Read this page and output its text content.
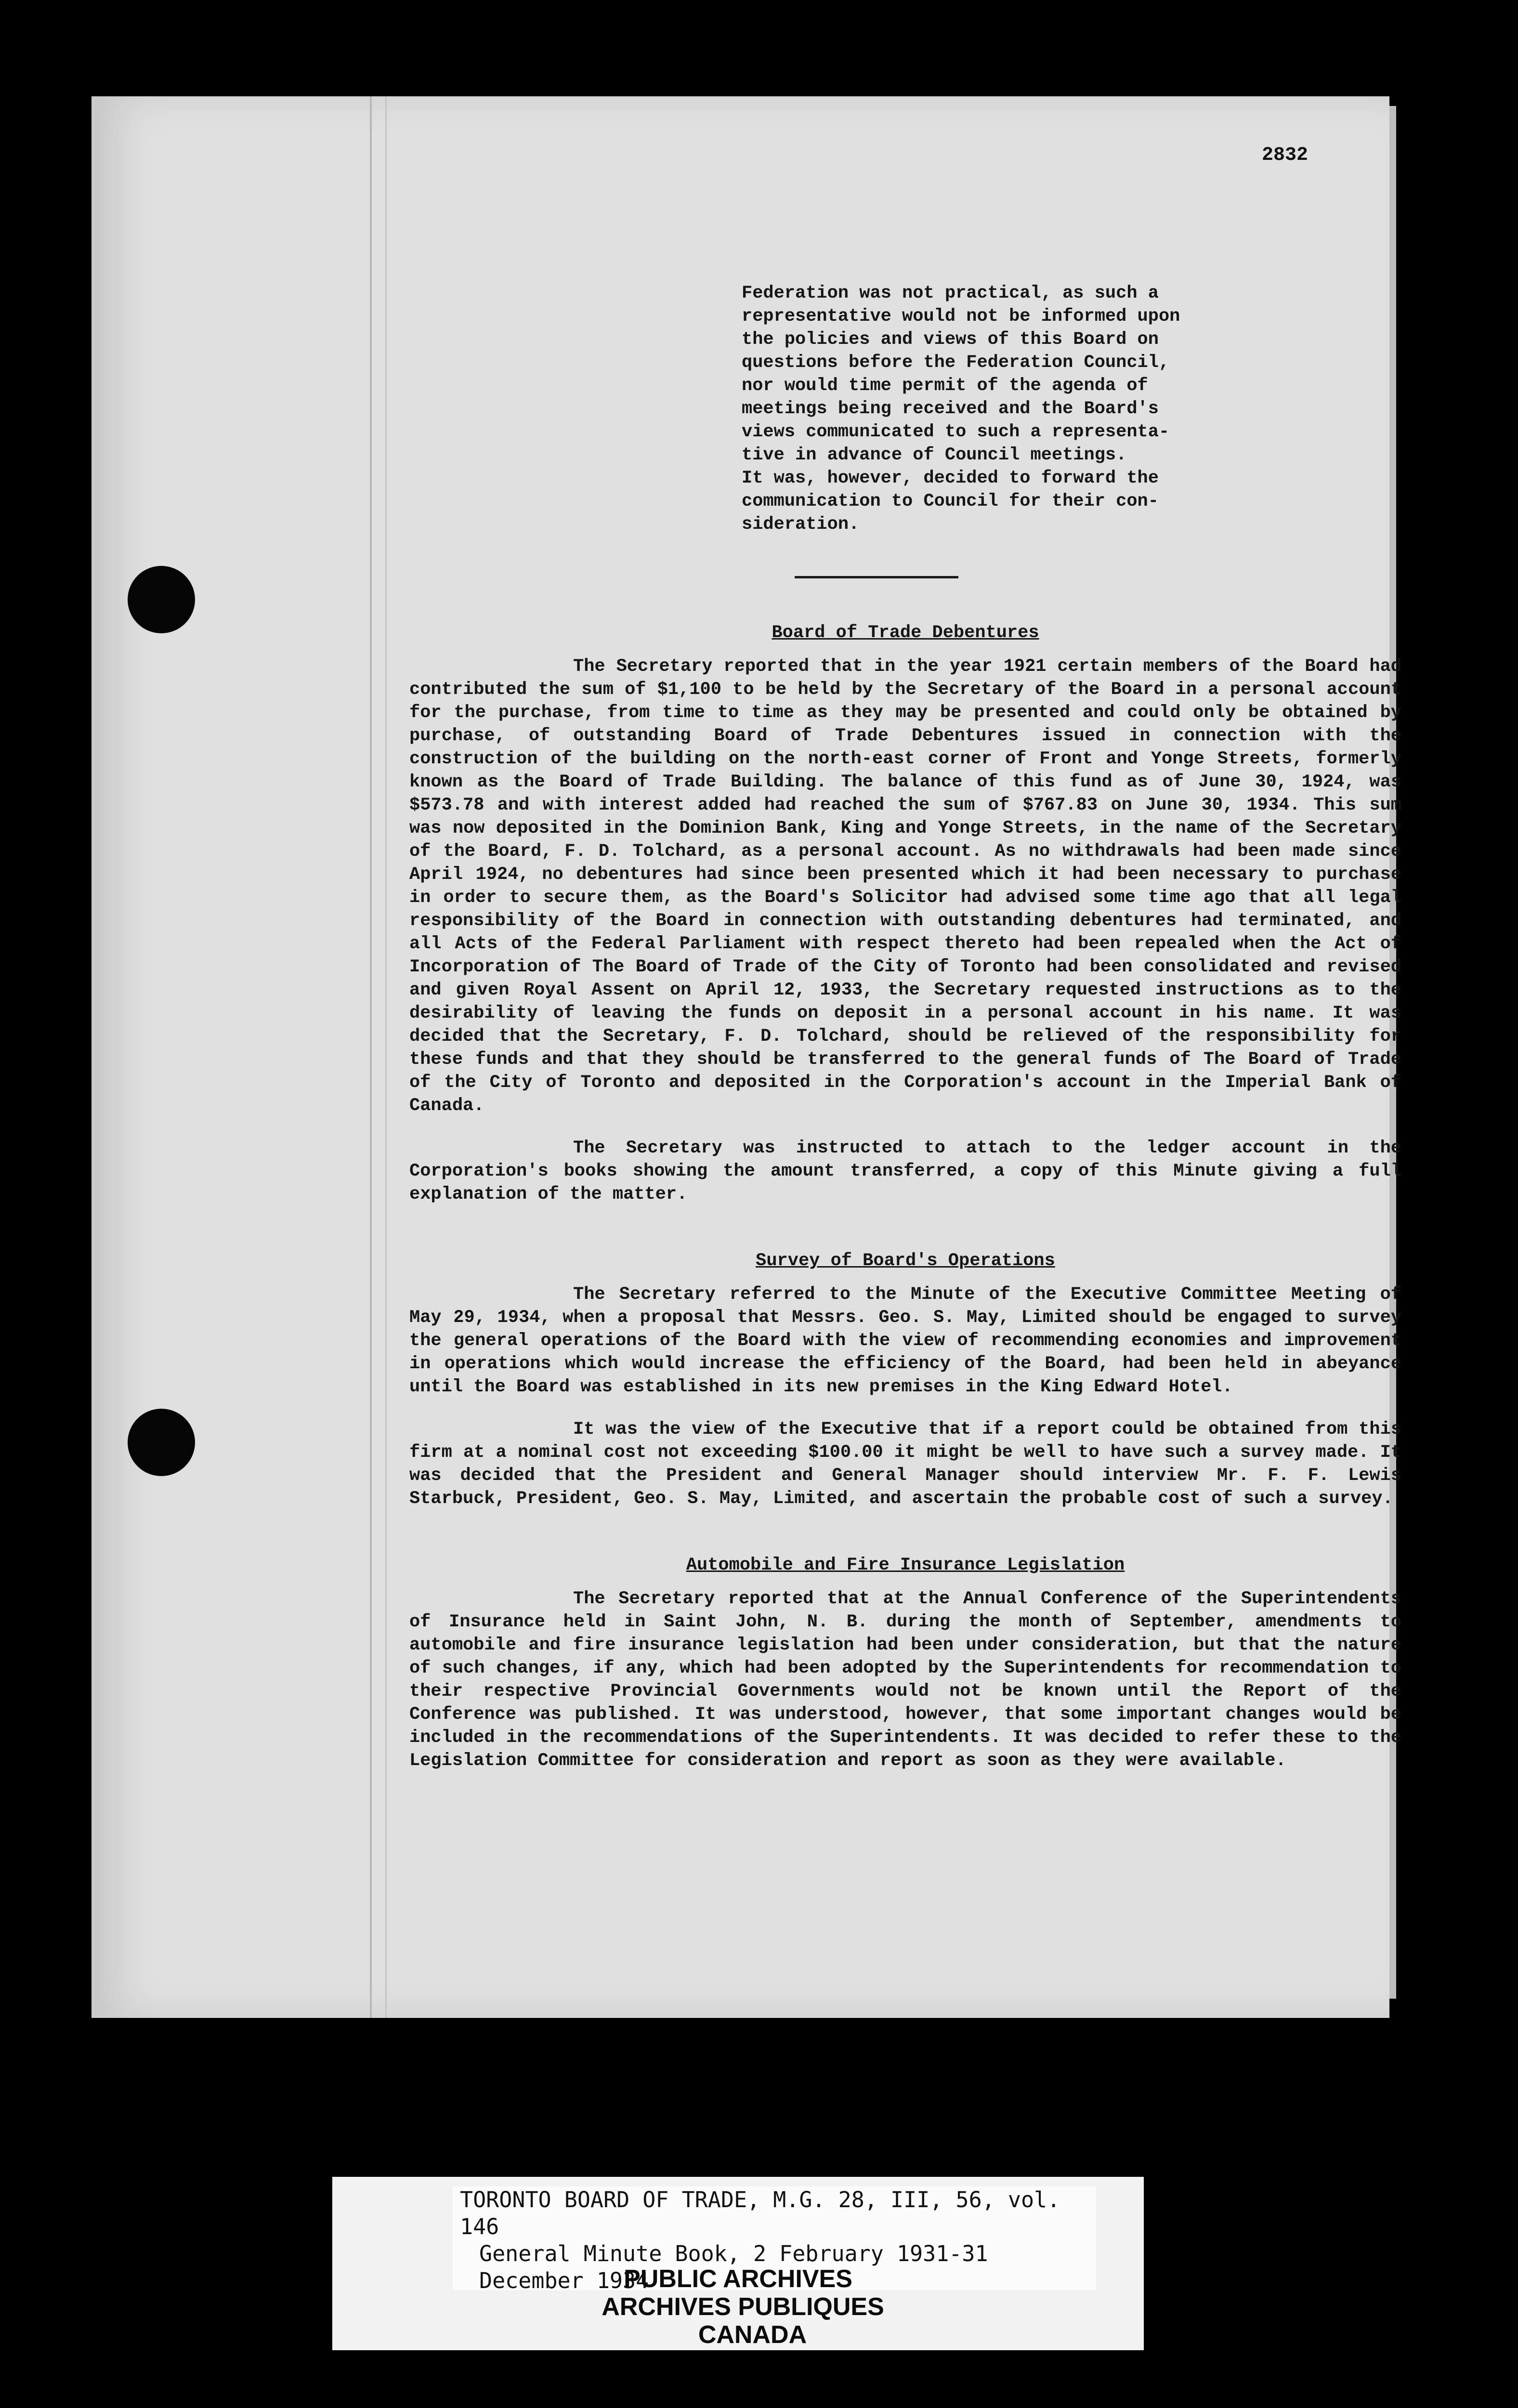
2832

Federation was not practical, as such a

representative would not be informed upon

the policies and views of this Board on

questions before the Federation Council,

nor would time permit of the agenda of

meetings being received and the Board's

views communicated to such a representa-

tive in advance of Council meetings.

It was, however, decided to forward the

communication to Council for their con-

sideration.

Board of Trade Debentures

The Secretary reported that in the year 1921 certain members of the Board had contributed the sum of $1,100 to be held by the Secretary of the Board in a personal account for the purchase, from time to time as they may be presented and could only be obtained by purchase, of outstanding Board of Trade Debentures issued in connection with the construction of the building on the north-east corner of Front and Yonge Streets, formerly known as the Board of Trade Building. The balance of this fund as of June 30, 1924, was $573.78 and with interest added had reached the sum of $767.83 on June 30, 1934. This sum was now deposited in the Dominion Bank, King and Yonge Streets, in the name of the Secretary of the Board, F. D. Tolchard, as a personal account. As no withdrawals had been made since April 1924, no debentures had since been presented which it had been necessary to purchase in order to secure them, as the Board's Solicitor had advised some time ago that all legal responsibility of the Board in connection with outstanding debentures had terminated, and all Acts of the Federal Parliament with respect thereto had been repealed when the Act of Incorporation of The Board of Trade of the City of Toronto had been consolidated and revised and given Royal Assent on April 12, 1933, the Secretary requested instructions as to the desirability of leaving the funds on deposit in a personal account in his name. It was decided that the Secretary, F. D. Tolchard, should be relieved of the responsibility for these funds and that they should be transferred to the general funds of The Board of Trade of the City of Toronto and deposited in the Corporation's account in the Imperial Bank of Canada.

The Secretary was instructed to attach to the ledger account in the Corporation's books showing the amount transferred, a copy of this Minute giving a full explanation of the matter.

Survey of Board's Operations

The Secretary referred to the Minute of the Executive Committee Meeting of May 29, 1934, when a proposal that Messrs. Geo. S. May, Limited should be engaged to survey the general operations of the Board with the view of recommending economies and improvement in operations which would increase the efficiency of the Board, had been held in abeyance until the Board was established in its new premises in the King Edward Hotel.

It was the view of the Executive that if a report could be obtained from this firm at a nominal cost not exceeding $100.00 it might be well to have such a survey made. It was decided that the President and General Manager should interview Mr. F. F. Lewis Starbuck, President, Geo. S. May, Limited, and ascertain the probable cost of such a survey.

Automobile and Fire Insurance Legislation

The Secretary reported that at the Annual Conference of the Superintendents of Insurance held in Saint John, N. B. during the month of September, amendments to automobile and fire insurance legislation had been under consideration, but that the nature of such changes, if any, which had been adopted by the Superintendents for recommendation to their respective Provincial Governments would not be known until the Report of the Conference was published. It was understood, however, that some important changes would be included in the recommendations of the Superintendents. It was decided to refer these to the Legislation Committee for consideration and report as soon as they were available.

TORONTO BOARD OF TRADE, M.G. 28, III, 56, vol. 146
General Minute Book, 2 February 1931-31 December 1934
PUBLIC ARCHIVES
ARCHIVES PUBLIQUES
CANADA
